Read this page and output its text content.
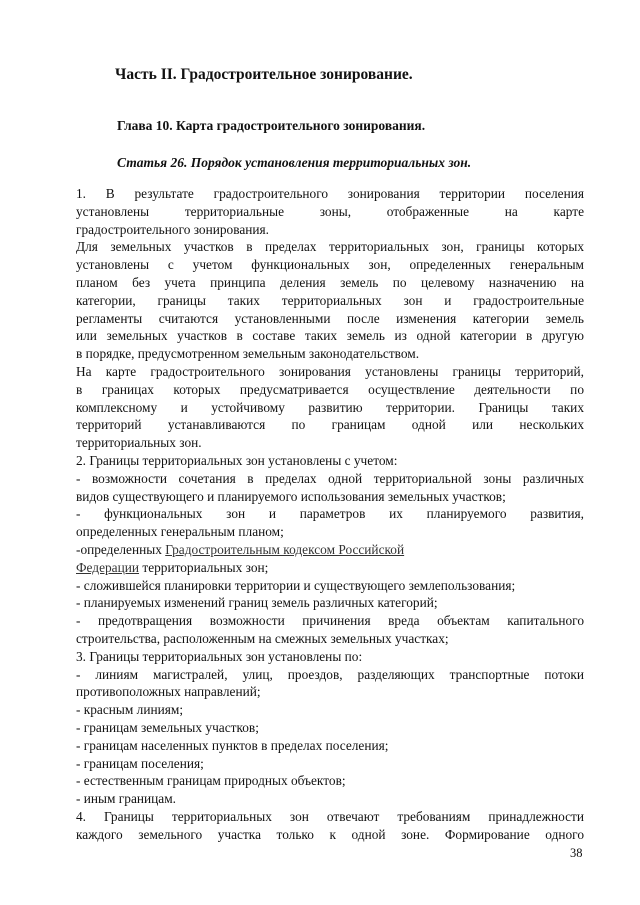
Часть II. Градостроительное зонирование.
Глава 10. Карта градостроительного зонирования.
Статья 26. Порядок установления территориальных зон.
1. В результате градостроительного зонирования территории поселения
установлены территориальные зоны, отображенные на карте
градостроительного зонирования.
Для земельных участков в пределах территориальных зон, границы которых
установлены с учетом функциональных зон, определенных генеральным
планом без учета принципа деления земель по целевому назначению на
категории, границы таких территориальных зон и градостроительные
регламенты считаются установленными после изменения категории земель
или земельных участков в составе таких земель из одной категории в другую
в порядке, предусмотренном земельным законодательством.
На карте градостроительного зонирования установлены границы территорий,
в границах которых предусматривается осуществление деятельности по
комплексному и устойчивому развитию территории. Границы таких
территорий устанавливаются по границам одной или нескольких
территориальных зон.
2. Границы территориальных зон установлены с учетом:
- возможности сочетания в пределах одной территориальной зоны различных
видов существующего и планируемого использования земельных участков;
- функциональных зон и параметров их планируемого развития,
определенных генеральным планом;
-определенных Градостроительным кодексом Российской
Федерации территориальных зон;
- сложившейся планировки территории и существующего землепользования;
- планируемых изменений границ земель различных категорий;
- предотвращения возможности причинения вреда объектам капитального
строительства, расположенным на смежных земельных участках;
3. Границы территориальных зон установлены по:
- линиям магистралей, улиц, проездов, разделяющих транспортные потоки
противоположных направлений;
- красным линиям;
- границам земельных участков;
- границам населенных пунктов в пределах поселения;
- границам поселения;
- естественным границам природных объектов;
- иным границам.
4. Границы территориальных зон отвечают требованиям принадлежности
каждого земельного участка только к одной зоне. Формирование одного
38
